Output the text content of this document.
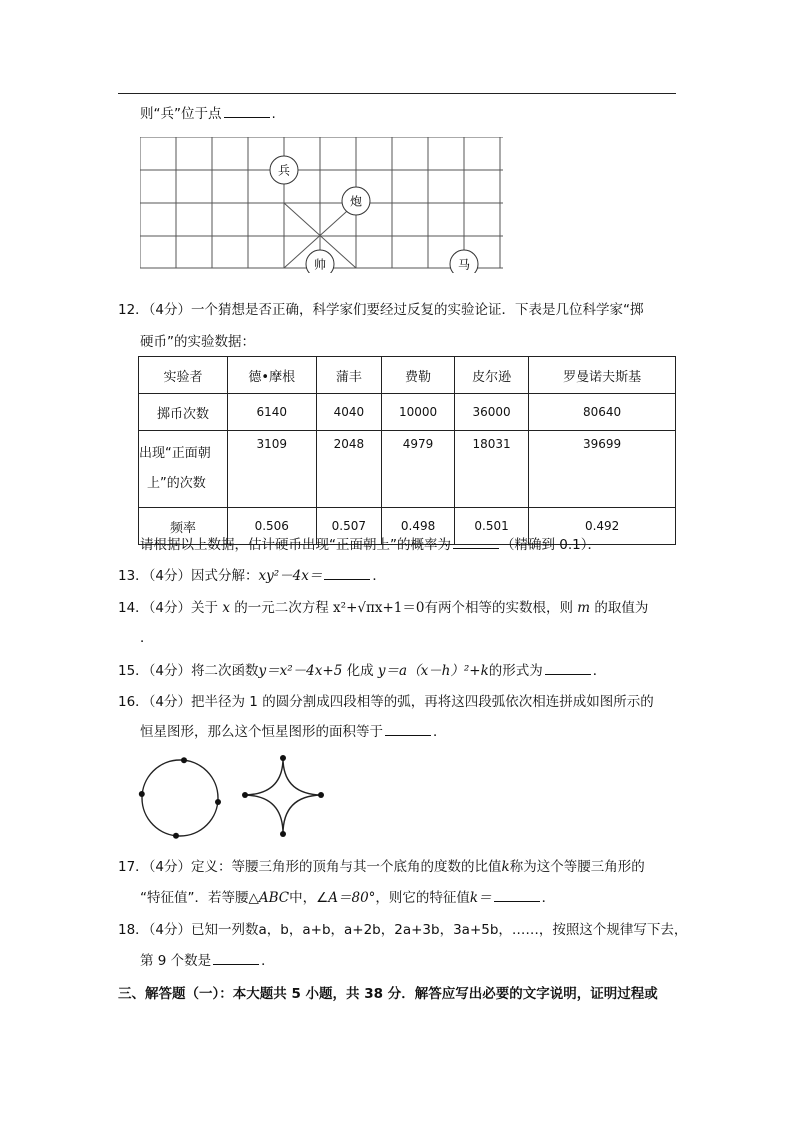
则“兵”位于点	.
兵
炮
帅	马
12．（4分）一个猜想是否正确，科学家们要经过反复的实验论证．下表是几位科学家“掷
硬币”的实验数据：
实验者	德•摩根	蒲丰	费勒	皮尔逊	罗曼诺夫斯基
掷币次数	6140	4040	10000	36000	80640

出现“正面朝
上”的次数	3109	2048	4979	18031	39699
频率	0.506	0.507	0.498	0.501	0.492
请根据以上数据，估计硬币出现“正面朝上”的概率为	（精确到 0.1）．
13．（4分）因式分解：xy²－4x＝	．
14．（4分）关于 x 的一元二次方程 x²+√πx+1＝0有两个相等的实数根，则 m 的取值为
．
15．（4分）将二次函数y＝x²－4x+5 化成 y＝a（x－h）²+k的形式为	．
16．（4分）把半径为 1 的圆分割成四段相等的弧，再将这四段弧依次相连拼成如图所示的
恒星图形，那么这个恒星图形的面积等于	．
17．（4分）定义：等腰三角形的顶角与其一个底角的度数的比值k称为这个等腰三角形的
“特征值”．若等腰△ABC中，∠A＝80°，则它的特征值k＝	．
18．（4分）已知一列数a，b，a+b，a+2b，2a+3b，3a+5b，……，按照这个规律写下去，
第 9 个数是	．
三、解答题（一）：本大题共 5 小题，共 38 分．解答应写出必要的文字说明，证明过程或
